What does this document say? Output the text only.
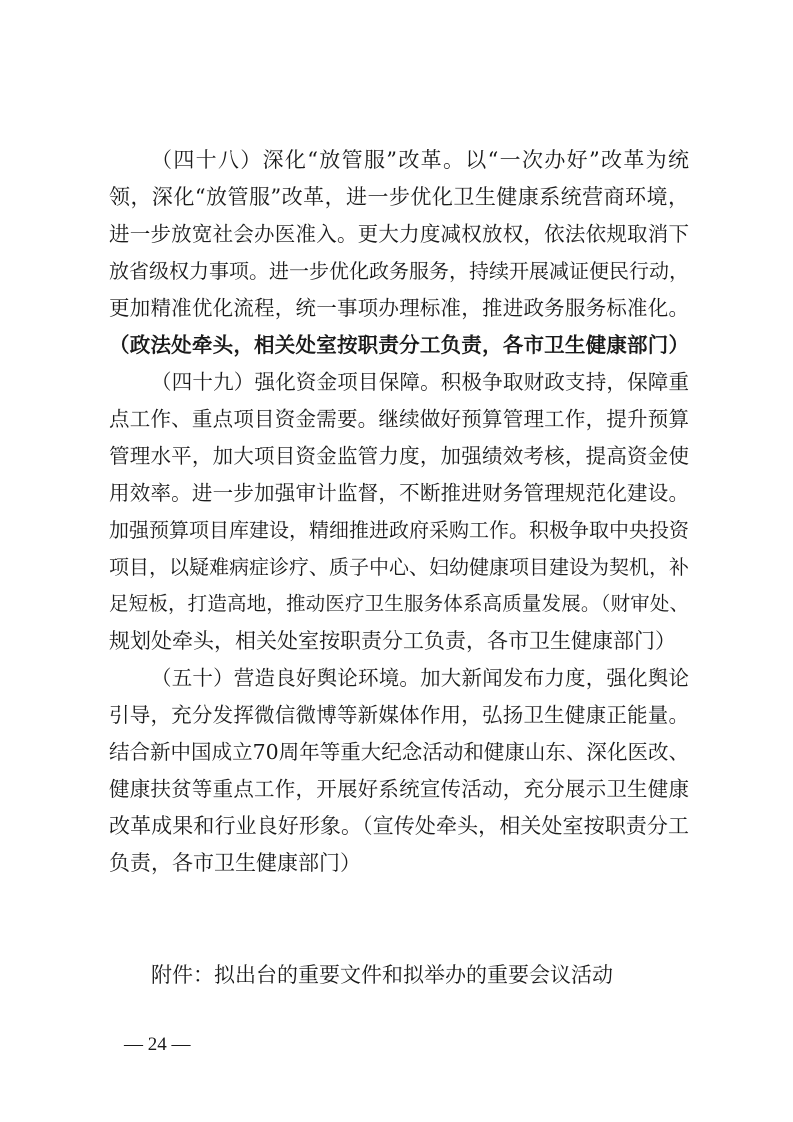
（四十八）深化“放管服”改革。以“一次办好”改革为统
领，深化“放管服”改革，进一步优化卫生健康系统营商环境，
进一步放宽社会办医准入。更大力度减权放权，依法依规取消下
放省级权力事项。进一步优化政务服务，持续开展减证便民行动，
更加精准优化流程，统一事项办理标准，推进政务服务标准化。
（政法处牵头，相关处室按职责分工负责，各市卫生健康部门）
（四十九）强化资金项目保障。积极争取财政支持，保障重
点工作、重点项目资金需要。继续做好预算管理工作，提升预算
管理水平，加大项目资金监管力度，加强绩效考核，提高资金使
用效率。进一步加强审计监督，不断推进财务管理规范化建设。
加强预算项目库建设，精细推进政府采购工作。积极争取中央投资
项目，以疑难病症诊疗、质子中心、妇幼健康项目建设为契机，补
足短板，打造高地，推动医疗卫生服务体系高质量发展。（财审处、
规划处牵头，相关处室按职责分工负责，各市卫生健康部门）
（五十）营造良好舆论环境。加大新闻发布力度，强化舆论
引导，充分发挥微信微博等新媒体作用，弘扬卫生健康正能量。
结合新中国成立70周年等重大纪念活动和健康山东、深化医改、
健康扶贫等重点工作，开展好系统宣传活动，充分展示卫生健康
改革成果和行业良好形象。（宣传处牵头，相关处室按职责分工
负责，各市卫生健康部门）
附件：拟出台的重要文件和拟举办的重要会议活动
— 24 —
